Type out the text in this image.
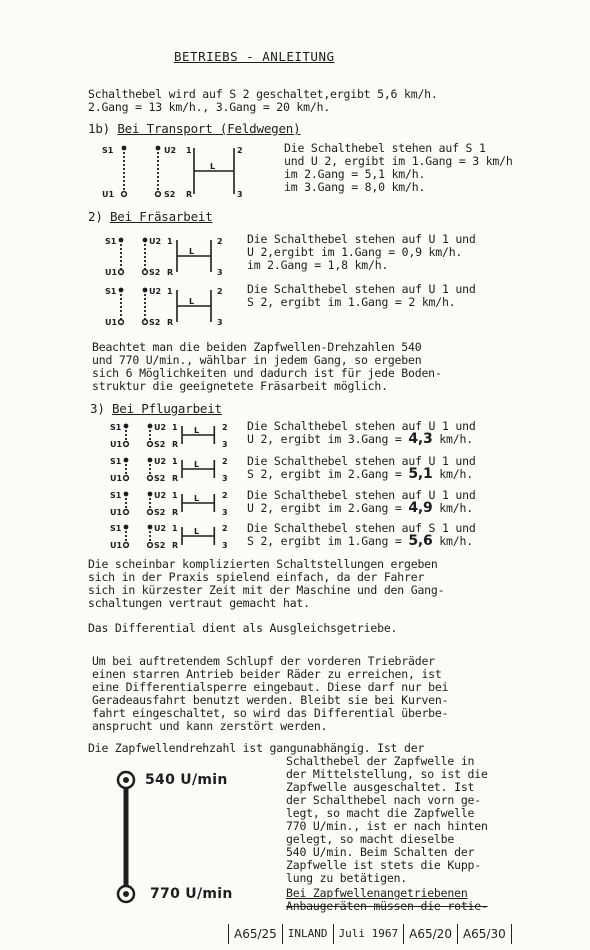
BETRIEBS - ANLEITUNG
Schalthebel wird auf S 2 geschaltet,ergibt 5,6 km/h.
2.Gang = 13 km/h., 3.Gang = 20 km/h.
1b) Bei Transport (Feldwegen)
S1
U1
U2
S2
1
R
L
2
3
Die Schalthebel stehen auf S 1
und U 2, ergibt im 1.Gang = 3 km/h
im 2.Gang = 5,1 km/h.
im 3.Gang = 8,0 km/h.
2) Bei Fräsarbeit
S1
U1
U2
S2
1
R
L
2
3
Die Schalthebel stehen auf U 1 und
U 2,ergibt im 1.Gang = 0,9 km/h.
im 2.Gang = 1,8 km/h.
S1
U1
U2
S2
1
R
L
2
3
Die Schalthebel stehen auf U 1 und
S 2, ergibt im 1.Gang = 2 km/h.
Beachtet man die beiden Zapfwellen-Drehzahlen 540
und 770 U/min., wählbar in jedem Gang, so ergeben
sich 6 Möglichkeiten und dadurch ist für jede Boden-
struktur die geeignetete Fräsarbeit möglich.
3) Bei Pflugarbeit
S1
U1
U2
S2
1
R
L	2
3
Die Schalthebel stehen auf U 1 und
U 2, ergibt im 3.Gang = 4,3 km/h.
S1
U1
U2
S2
1
R
L	2
3
Die Schalthebel stehen auf U 1 und
S 2, ergibt im 2.Gang = 5,1 km/h.
S1
U1
U2
S2
1
R
L	2
3
Die Schalthebel stehen auf U 1 und
U 2, ergibt im 2.Gang = 4,9 km/h.
S1
U1
U2
S2
1
R
L	2
3
Die Schalthebel stehen auf S 1 und
S 2, ergibt im 1.Gang = 5,6 km/h.
Die scheinbar komplizierten Schaltstellungen ergeben
sich in der Praxis spielend einfach, da der Fahrer
sich in kürzester Zeit mit der Maschine und den Gang-
schaltungen vertraut gemacht hat.
Das Differential dient als Ausgleichsgetriebe.
Um bei auftretendem Schlupf der vorderen Triebräder
einen starren Antrieb beider Räder zu erreichen, ist
eine Differentialsperre eingebaut. Diese darf nur bei
Geradeausfahrt benutzt werden. Bleibt sie bei Kurven-
fahrt eingeschaltet, so wird das Differential überbe-
ansprucht und kann zerstört werden.
Die Zapfwellendrehzahl ist gangunabhängig. Ist der
Schalthebel der Zapfwelle in
der Mittelstellung, so ist die
Zapfwelle ausgeschaltet. Ist
der Schalthebel nach vorn ge-
legt, so macht die Zapfwelle
770 U/min., ist er nach hinten
gelegt, so macht dieselbe
540 U/min. Beim Schalten der
Zapfwelle ist stets die Kupp-
lung zu betätigen.
Bei Zapfwellenangetriebenen
Anbaugeräten müssen die rotie-
540 U/min
770 U/min
A65/25	INLAND	Juli 1967 A65/20 A65/30
